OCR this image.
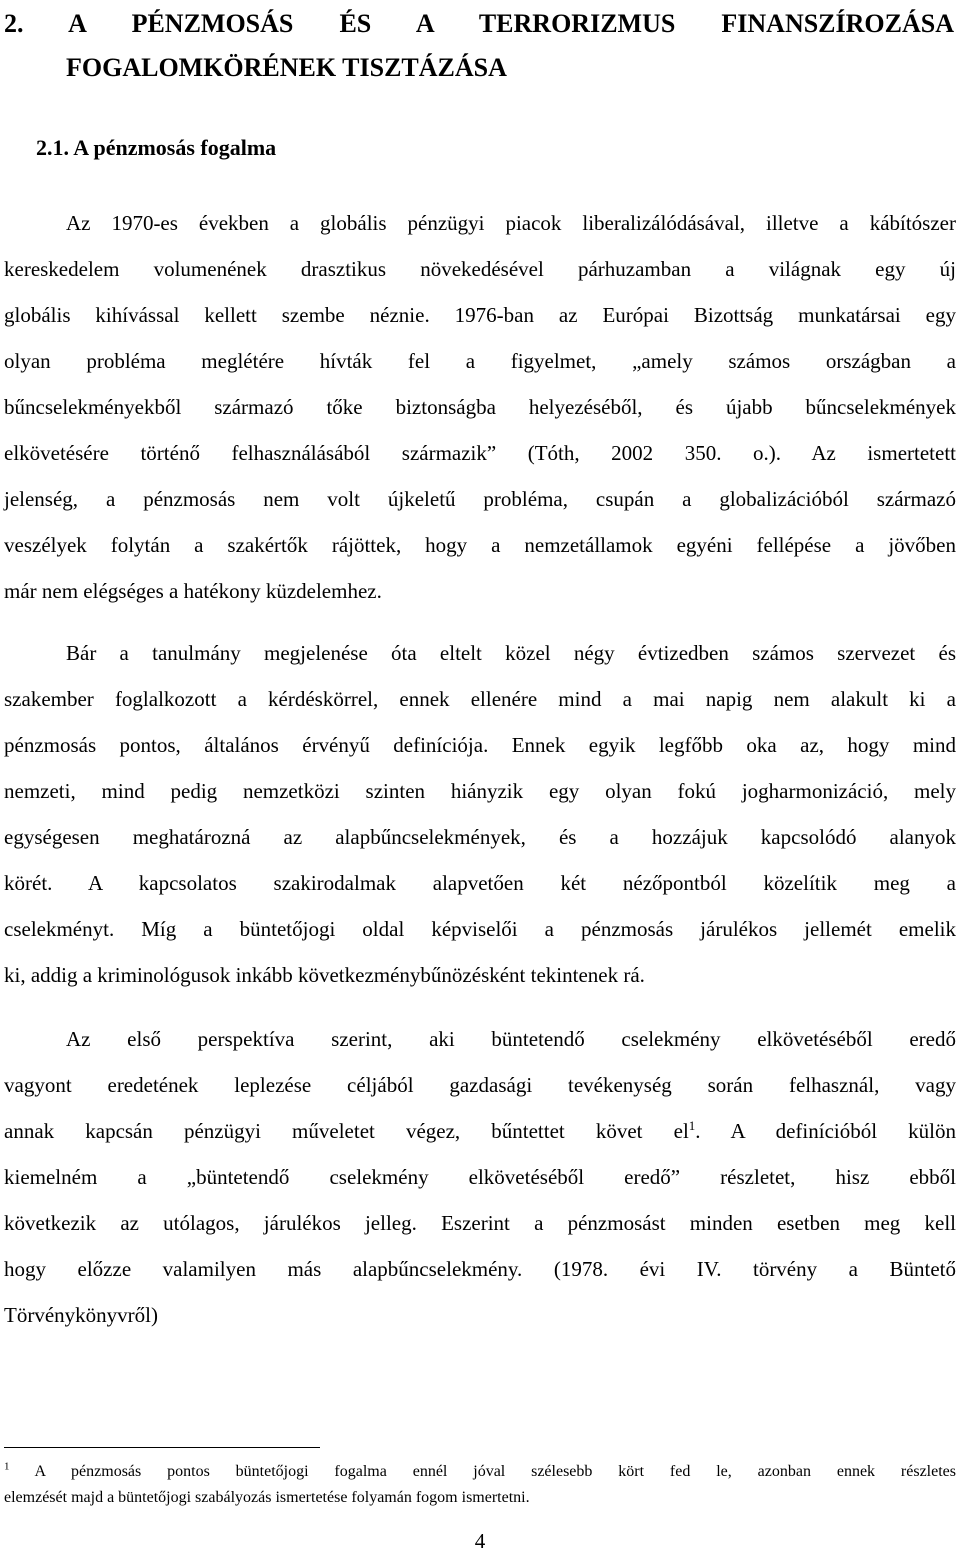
2. A PÉNZMOSÁS ÉS A TERRORIZMUS FINANSZÍROZÁSA
FOGALOMKÖRÉNEK TISZTÁZÁSA
2.1. A pénzmosás fogalma

Az 1970-es években a globális pénzügyi piacok liberalizálódásával, illetve a kábítószer
kereskedelem volumenének drasztikus növekedésével párhuzamban a világnak egy új
globális kihívással kellett szembe néznie. 1976-ban az Európai Bizottság munkatársai egy
olyan probléma meglétére hívták fel a figyelmet, „amely számos országban a
bűncselekményekből származó tőke biztonságba helyezéséből, és újabb bűncselekmények
elkövetésére történő felhasználásából származik” (Tóth, 2002 350. o.). Az ismertetett
jelenség, a pénzmosás nem volt újkeletű probléma, csupán a globalizációból származó
veszélyek folytán a szakértők rájöttek, hogy a nemzetállamok egyéni fellépése a jövőben
már nem elégséges a hatékony küzdelemhez.

Bár a tanulmány megjelenése óta eltelt közel négy évtizedben számos szervezet és
szakember foglalkozott a kérdéskörrel, ennek ellenére mind a mai napig nem alakult ki a
pénzmosás pontos, általános érvényű definíciója. Ennek egyik legfőbb oka az, hogy mind
nemzeti, mind pedig nemzetközi szinten hiányzik egy olyan fokú jogharmonizáció, mely
egységesen meghatározná az alapbűncselekmények, és a hozzájuk kapcsolódó alanyok
körét. A kapcsolatos szakirodalmak alapvetően két nézőpontból közelítik meg a
cselekményt. Míg a büntetőjogi oldal képviselői a pénzmosás járulékos jellemét emelik
ki, addig a kriminológusok inkább következménybűnözésként tekintenek rá.

Az első perspektíva szerint, aki büntetendő cselekmény elkövetéséből eredő
vagyont eredetének leplezése céljából gazdasági tevékenység során felhasznál, vagy
annak kapcsán pénzügyi műveletet végez, bűntettet követ $el^1$. A definícióból külön
kiemelném a „büntetendő cselekmény elkövetéséből eredő” részletet, hisz ebből
következik az utólagos, járulékos jelleg. Eszerint a pénzmosást minden esetben meg kell
hogy előzze valamilyen más alapbűncselekmény. (1978. évi IV. törvény a Büntető
Törvénykönyvről)

$^1$ A pénzmosás pontos büntetőjogi fogalma ennél jóval szélesebb kört fed le, azonban ennek részletes
elemzését majd a büntetőjogi szabályozás ismertetése folyamán fogom ismertetni.
4
